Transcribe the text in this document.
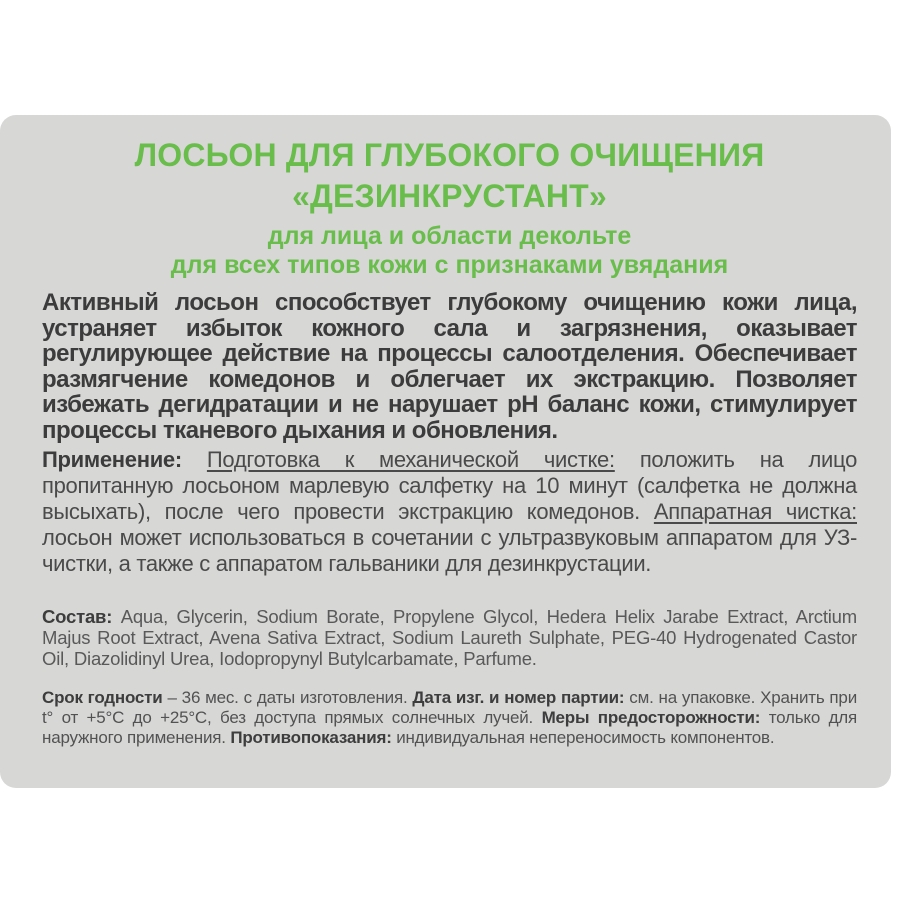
ЛОСЬОН ДЛЯ ГЛУБОКОГО ОЧИЩЕНИЯ
«ДЕЗИНКРУСТАНТ»
для лица и области декольте
для всех типов кожи с признаками увядания

Активный лосьон способствует глубокому очищению кожи лица, устраняет избыток кожного сала и загрязнения, оказывает регулирующее действие на процессы салоотделения. Обеспечивает размягчение комедонов и облегчает их экстракцию. Позволяет избежать дегидратации и не нарушает pH баланс кожи, стимулирует процессы тканевого дыхания и обновления.

Применение: Подготовка к механической чистке: положить на лицо пропитанную лосьоном марлевую салфетку на 10 минут (салфетка не должна высыхать), после чего провести экстракцию комедонов. Аппаратная чистка: лосьон может использоваться в сочетании с ультразвуковым аппаратом для УЗ-чистки, а также с аппаратом гальваники для дезинкрустации.

Состав: Aqua, Glycerin, Sodium Borate, Propylene Glycol, Hedera Helix Jarabe Extract, Arctium Majus Root Extract, Avena Sativa Extract, Sodium Laureth Sulphate, PEG-40 Hydrogenated Castor Oil, Diazolidinyl Urea, Iodopropynyl Butylcarbamate, Parfume.

Срок годности – 36 мес. с даты изготовления. Дата изг. и номер партии: см. на упаковке. Хранить при t° от +5°С до +25°С, без доступа прямых солнечных лучей. Меры предосторожности: только для наружного применения. Противопоказания: индивидуальная непереносимость компонентов.
